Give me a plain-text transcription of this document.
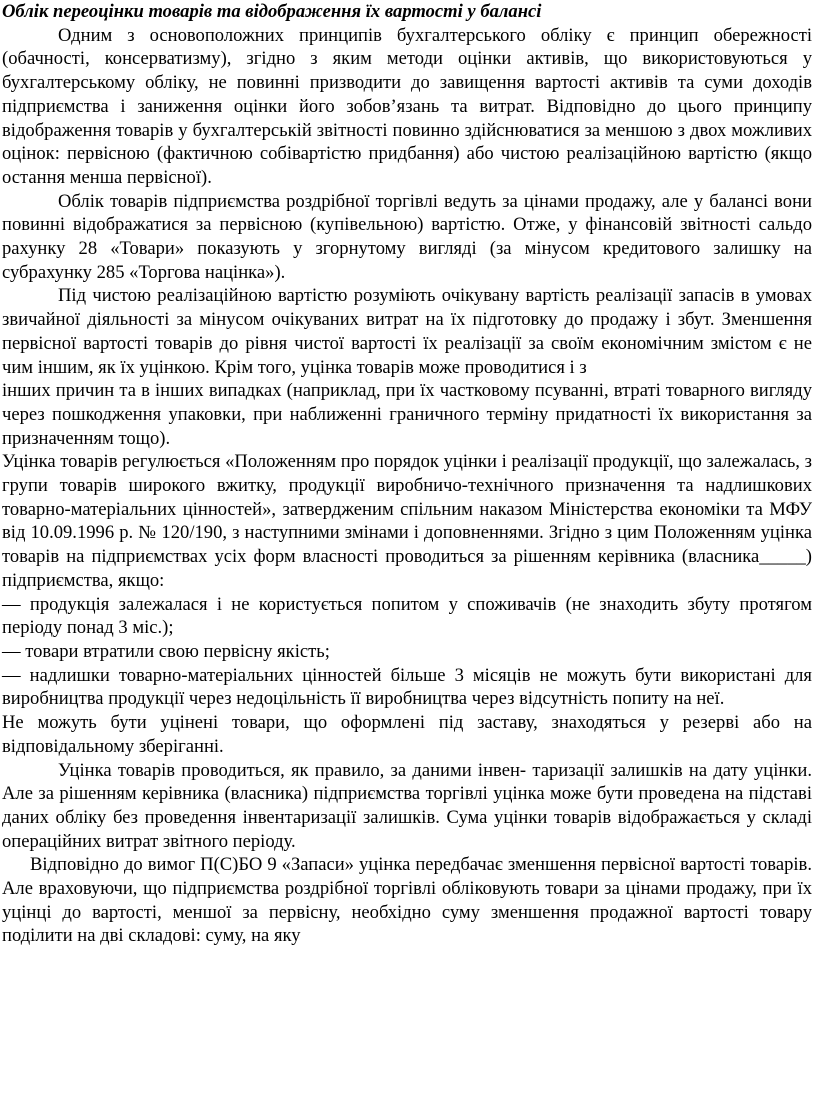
Облік переоцінки товарів та відображення їх вартості у балансі

Одним з основоположних принципів бухгалтерського обліку є принцип обережності (обачності, консерватизму), згідно з яким методи оцінки активів, що використовуються у бухгалтерському обліку, не повинні призводити до завищення вартості активів та суми доходів підприємства і заниження оцінки його зобов’язань та витрат. Відповідно до цього принципу відображення товарів у бухгалтерській звітності повинно здійснюватися за меншою з двох можливих оцінок: первісною (фактичною собівартістю придбання) або чистою реалізаційною вартістю (якщо остання менша первісної).

Облік товарів підприємства роздрібної торгівлі ведуть за цінами продажу, але у балансі вони повинні відображатися за первісною (купівельною) вартістю. Отже, у фінансовій звітності сальдо рахунку 28 «Товари» показують у згорнутому вигляді (за мінусом кредитового залишку на субрахунку 285 «Торгова націнка»).

Під чистою реалізаційною вартістю розуміють очікувану вартість реалізації запасів в умовах звичайної діяльності за мінусом очікуваних витрат на їх підготовку до продажу і збут. Зменшення первісної вартості товарів до рівня чистої вартості їх реалізації за своїм економічним змістом є не чим іншим, як їх уцінкою. Крім того, уцінка товарів може проводитися і з

інших причин та в інших випадках (наприклад, при їх частковому псуванні, втраті товарного вигляду через пошкодження упаковки, при наближенні граничного терміну придатності їх використання за призначенням тощо).

Уцінка товарів регулюється «Положенням про порядок уцінки і реалізації продукції, що залежалась, з групи товарів широкого вжитку, продукції виробничо-технічного призначення та надлишкових товарно-матеріальних цінностей», затвердженим спільним наказом Міністерства економіки та МФУ від 10.09.1996 р. № 120/190, з наступними змінами і доповненнями. Згідно з цим Положенням уцінка товарів на підприємствах усіх форм власності проводиться за рішенням керівника (власника_____) підприємства, якщо:

— продукція залежалася і не користується попитом у споживачів (не знаходить збуту протягом періоду понад 3 міс.);

— товари втратили свою первісну якість;

— надлишки товарно-матеріальних цінностей більше 3 місяців не можуть бути використані для виробництва продукції через недоцільність її виробництва через відсутність попиту на неї.

Не можуть бути уцінені товари, що оформлені під заставу, знаходяться у резерві або на відповідальному зберіганні.

Уцінка товарів проводиться, як правило, за даними інвен- таризації залишків на дату уцінки. Але за рішенням керівника (власника) підприємства торгівлі уцінка може бути проведена на підставі даних обліку без проведення інвентаризації залишків. Сума уцінки товарів відображається у складі операційних витрат звітного періоду.

Відповідно до вимог П(С)БО 9 «Запаси» уцінка передбачає зменшення первісної вартості товарів. Але враховуючи, що підприємства роздрібної торгівлі обліковують товари за цінами продажу, при їх уцінці до вартості, меншої за первісну, необхідно суму зменшення продажної вартості товару поділити на дві складові: суму, на яку
